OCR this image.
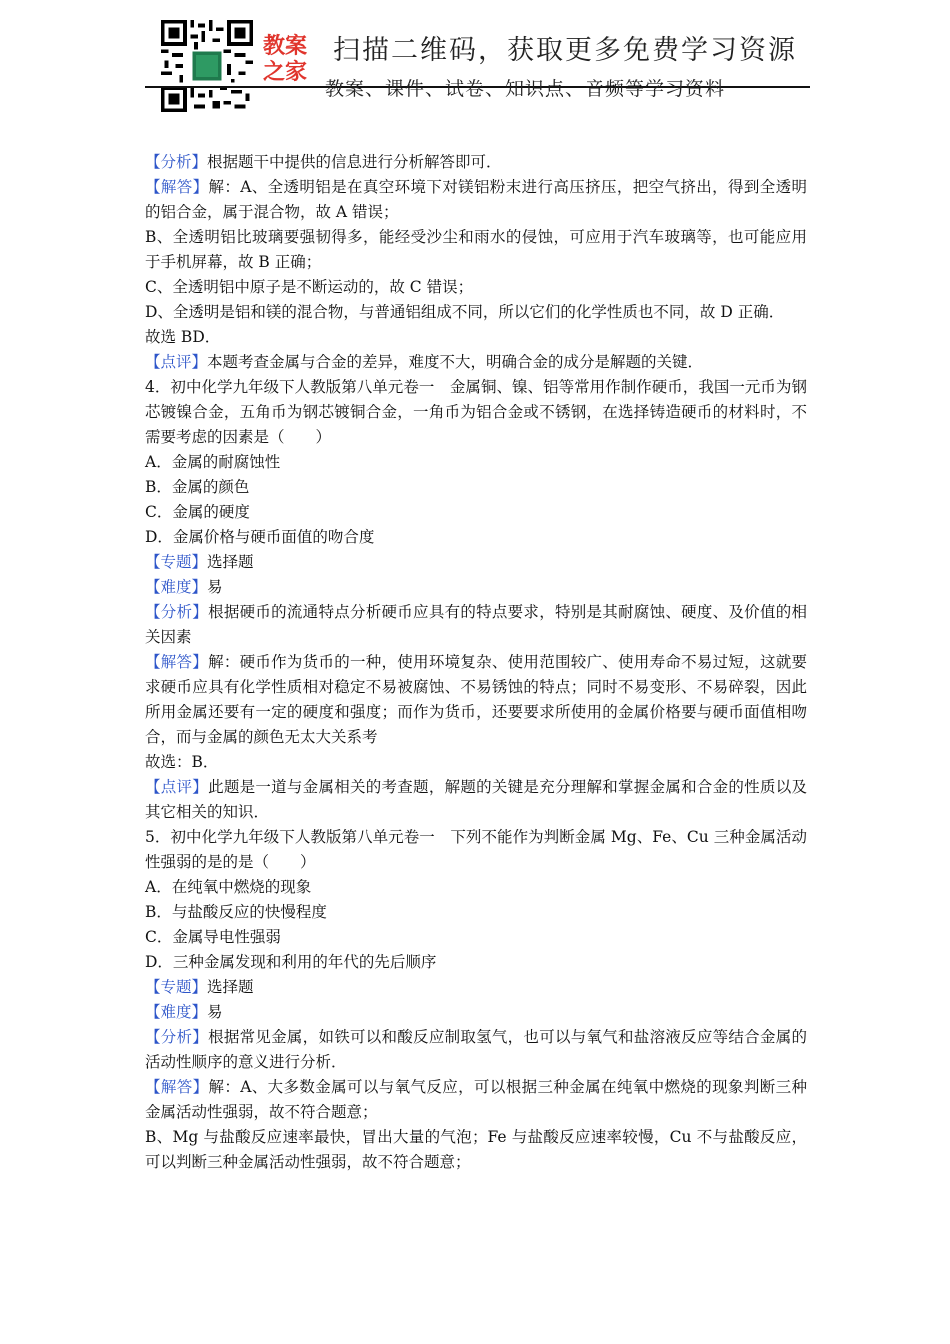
教案
之家
扫描二维码，获取更多免费学习资源
教案、课件、试卷、知识点、音频等学习资料

【分析】根据题干中提供的信息进行分析解答即可．

【解答】解：A、全透明铝是在真空环境下对镁铝粉末进行高压挤压，把空气挤出，得到全透明的铝合金，属于混合物，故 A 错误；

B、全透明铝比玻璃要强韧得多，能经受沙尘和雨水的侵蚀，可应用于汽车玻璃等，也可能应用于手机屏幕，故 B 正确；

C、全透明铝中原子是不断运动的，故 C 错误；

D、全透明是铝和镁的混合物，与普通铝组成不同，所以它们的化学性质也不同，故 D 正确．

故选 BD．

【点评】本题考查金属与合金的差异，难度不大，明确合金的成分是解题的关键．

4．初中化学九年级下人教版第八单元卷一　金属铜、镍、铝等常用作制作硬币，我国一元币为钢芯镀镍合金，五角币为钢芯镀铜合金，一角币为铝合金或不锈钢，在选择铸造硬币的材料时，不需要考虑的因素是（　　）

A．金属的耐腐蚀性

B．金属的颜色

C．金属的硬度

D．金属价格与硬币面值的吻合度

【专题】选择题

【难度】易

【分析】根据硬币的流通特点分析硬币应具有的特点要求，特别是其耐腐蚀、硬度、及价值的相关因素

【解答】解：硬币作为货币的一种，使用环境复杂、使用范围较广、使用寿命不易过短，这就要求硬币应具有化学性质相对稳定不易被腐蚀、不易锈蚀的特点；同时不易变形、不易碎裂，因此所用金属还要有一定的硬度和强度；而作为货币，还要要求所使用的金属价格要与硬币面值相吻合，而与金属的颜色无太大关系考

故选：B．

【点评】此题是一道与金属相关的考查题，解题的关键是充分理解和掌握金属和合金的性质以及其它相关的知识．

5．初中化学九年级下人教版第八单元卷一　下列不能作为判断金属 Mg、Fe、Cu 三种金属活动性强弱的是的是（　　）

A．在纯氧中燃烧的现象

B．与盐酸反应的快慢程度

C．金属导电性强弱

D．三种金属发现和利用的年代的先后顺序

【专题】选择题

【难度】易

【分析】根据常见金属，如铁可以和酸反应制取氢气，也可以与氧气和盐溶液反应等结合金属的活动性顺序的意义进行分析．

【解答】解：A、大多数金属可以与氧气反应，可以根据三种金属在纯氧中燃烧的现象判断三种金属活动性强弱，故不符合题意；

B、Mg 与盐酸反应速率最快，冒出大量的气泡；Fe 与盐酸反应速率较慢，Cu 不与盐酸反应，可以判断三种金属活动性强弱，故不符合题意；
